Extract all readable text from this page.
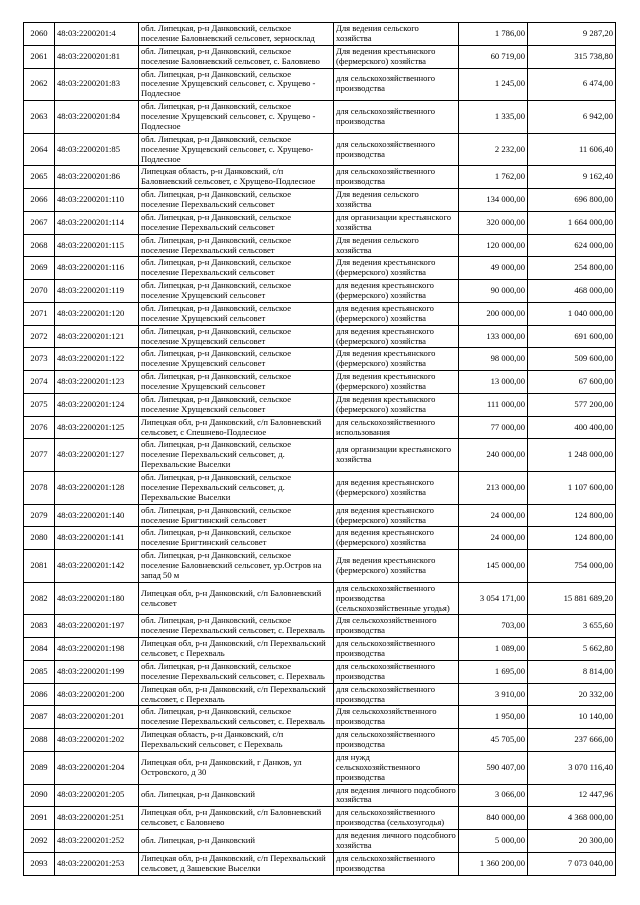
2060	48:03:2200201:4	обл. Липецкая, р-н Данковский, сельское поселение Баловневский сельсовет, зерносклад	Для ведения сельского хозяйства	1 786,00	9 287,20
2061	48:03:2200201:81	обл. Липецкая, р-н Данковский, сельское поселение Баловневский сельсовет, с. Баловнево	Для ведения крестьянского (фермерского) хозяйства	60 719,00	315 738,80
2062	48:03:2200201:83	обл. Липецкая, р-н Данковский, сельское поселение Хрущевский сельсовет, с. Хрущево - Подлесное	для сельскохозяйственного производства	1 245,00	6 474,00
2063	48:03:2200201:84	обл. Липецкая, р-н Данковский, сельское поселение Хрущевский сельсовет, с. Хрущево - Подлесное	для сельскохозяйственного производства	1 335,00	6 942,00
2064	48:03:2200201:85	обл. Липецкая, р-н Данковский, сельское поселение Хрущевский сельсовет, с. Хрущево-Подлесное	для сельскохозяйственного производства	2 232,00	11 606,40
2065	48:03:2200201:86	Липецкая область, р-н Данковский, с/п Баловневский сельсовет, с Хрущево-Подлесное	для сельскохозяйственного производства	1 762,00	9 162,40
2066	48:03:2200201:110	обл. Липецкая, р-н Данковский, сельское поселение Переxвальский сельсовет	Для ведения сельского хозяйства	134 000,00	696 800,00
2067	48:03:2200201:114	обл. Липецкая, р-н Данковский, сельское поселение Переxвальский сельсовет	для организации крестьянского хозяйства	320 000,00	1 664 000,00
2068	48:03:2200201:115	обл. Липецкая, р-н Данковский, сельское поселение Переxвальский сельсовет	Для ведения сельского хозяйства	120 000,00	624 000,00
2069	48:03:2200201:116	обл. Липецкая, р-н Данковский, сельское поселение Переxвальский сельсовет	Для ведения крестьянского (фермерского) хозяйства	49 000,00	254 800,00
2070	48:03:2200201:119	обл. Липецкая, р-н Данковский, сельское поселение Хрущевский сельсовет	для ведения крестьянского (фермерского) хозяйства	90 000,00	468 000,00
2071	48:03:2200201:120	обл. Липецкая, р-н Данковский, сельское поселение Хрущевский сельсовет	для ведения крестьянского (фермерского) хозяйства	200 000,00	1 040 000,00
2072	48:03:2200201:121	обл. Липецкая, р-н Данковский, сельское поселение Хрущевский сельсовет	для ведения крестьянского (фермерского) хозяйства	133 000,00	691 600,00
2073	48:03:2200201:122	обл. Липецкая, р-н Данковский, сельское поселение Хрущевский сельсовет	Для ведения крестьянского (фермерского) хозяйства	98 000,00	509 600,00
2074	48:03:2200201:123	обл. Липецкая, р-н Данковский, сельское поселение Хрущевский сельсовет	Для ведения крестьянского (фермерского) хозяйства	13 000,00	67 600,00
2075	48:03:2200201:124	обл. Липецкая, р-н Данковский, сельское поселение Хрущевский сельсовет	Для ведения крестьянского (фермерского) хозяйства	111 000,00	577 200,00
2076	48:03:2200201:125	Липецкая обл, р-н Данковский, с/п Баловневский сельсовет, с Спешнево-Подлесное	для сельскохозяйственного использования	77 000,00	400 400,00
2077	48:03:2200201:127	обл. Липецкая, р-н Данковский, сельское поселение Переxвальский сельсовет, д. Переxвальские Выселки	для организации крестьянского хозяйства	240 000,00	1 248 000,00
2078	48:03:2200201:128	обл. Липецкая, р-н Данковский, сельское поселение Переxвальский сельсовет, д. Переxвальские Выселки	для ведения крестьянского (фермерского) хозяйства	213 000,00	1 107 600,00
2079	48:03:2200201:140	обл. Липецкая, р-н Данковский, сельское поселение Бригтинский сельсовет	для ведения крестьянского (фермерского) хозяйства	24 000,00	124 800,00
2080	48:03:2200201:141	обл. Липецкая, р-н Данковский, сельское поселение Бригтинский сельсовет	для ведения крестьянского (фермерского) хозяйства	24 000,00	124 800,00
2081	48:03:2200201:142	обл. Липецкая, р-н Данковский, сельское поселение Баловневский сельсовет, ур.Остров на запад 50 м	Для ведения крестьянского (фермерского) хозяйства	145 000,00	754 000,00
2082	48:03:2200201:180	Липецкая обл, р-н Данковский, с/п Баловневский сельсовет	для сельскохозяйственного производства (сельскохозяйственные угодья)	3 054 171,00	15 881 689,20
2083	48:03:2200201:197	обл. Липецкая, р-н Данковский, сельское поселение Переxвальский сельсовет, с. Переxваль	Для сельскохозяйственного производства	703,00	3 655,60
2084	48:03:2200201:198	Липецкая обл, р-н Данковский, с/п Переxвальский сельсовет, с Переxваль	для сельскохозяйственного производства	1 089,00	5 662,80
2085	48:03:2200201:199	обл. Липецкая, р-н Данковский, сельское поселение Переxвальский сельсовет, с. Переxваль	для сельскохозяйственного производства	1 695,00	8 814,00
2086	48:03:2200201:200	Липецкая обл, р-н Данковский, с/п Переxвальский сельсовет, с Переxваль	для сельскохозяйственного производства	3 910,00	20 332,00
2087	48:03:2200201:201	обл. Липецкая, р-н Данковский, сельское поселение Переxвальский сельсовет, с. Переxваль	Для сельскохозяйственного производства	1 950,00	10 140,00
2088	48:03:2200201:202	Липецкая область, р-н Данковский, с/п Переxвальский сельсовет, с Переxваль	для сельскохозяйственного производства	45 705,00	237 666,00
2089	48:03:2200201:204	Липецкая обл, р-н Данковский, г Данков, ул Островского, д 30	для нужд сельскохозяйственного производства	590 407,00	3 070 116,40
2090	48:03:2200201:205	обл. Липецкая, р-н Данковский	для ведения личного подсобного хозяйства	3 066,00	12 447,96
2091	48:03:2200201:251	Липецкая обл, р-н Данковский, с/п Баловневский сельсовет, с Баловнево	для сельскохозяйственного производства (сельхозугодья)	840 000,00	4 368 000,00
2092	48:03:2200201:252	обл. Липецкая, р-н Данковский	для ведения личного подсобного хозяйства	5 000,00	20 300,00
2093	48:03:2200201:253	Липецкая обл, р-н Данковский, с/п Переxвальский сельсовет, д Зашевские Выселки	для сельскохозяйственного производства	1 360 200,00	7 073 040,00
